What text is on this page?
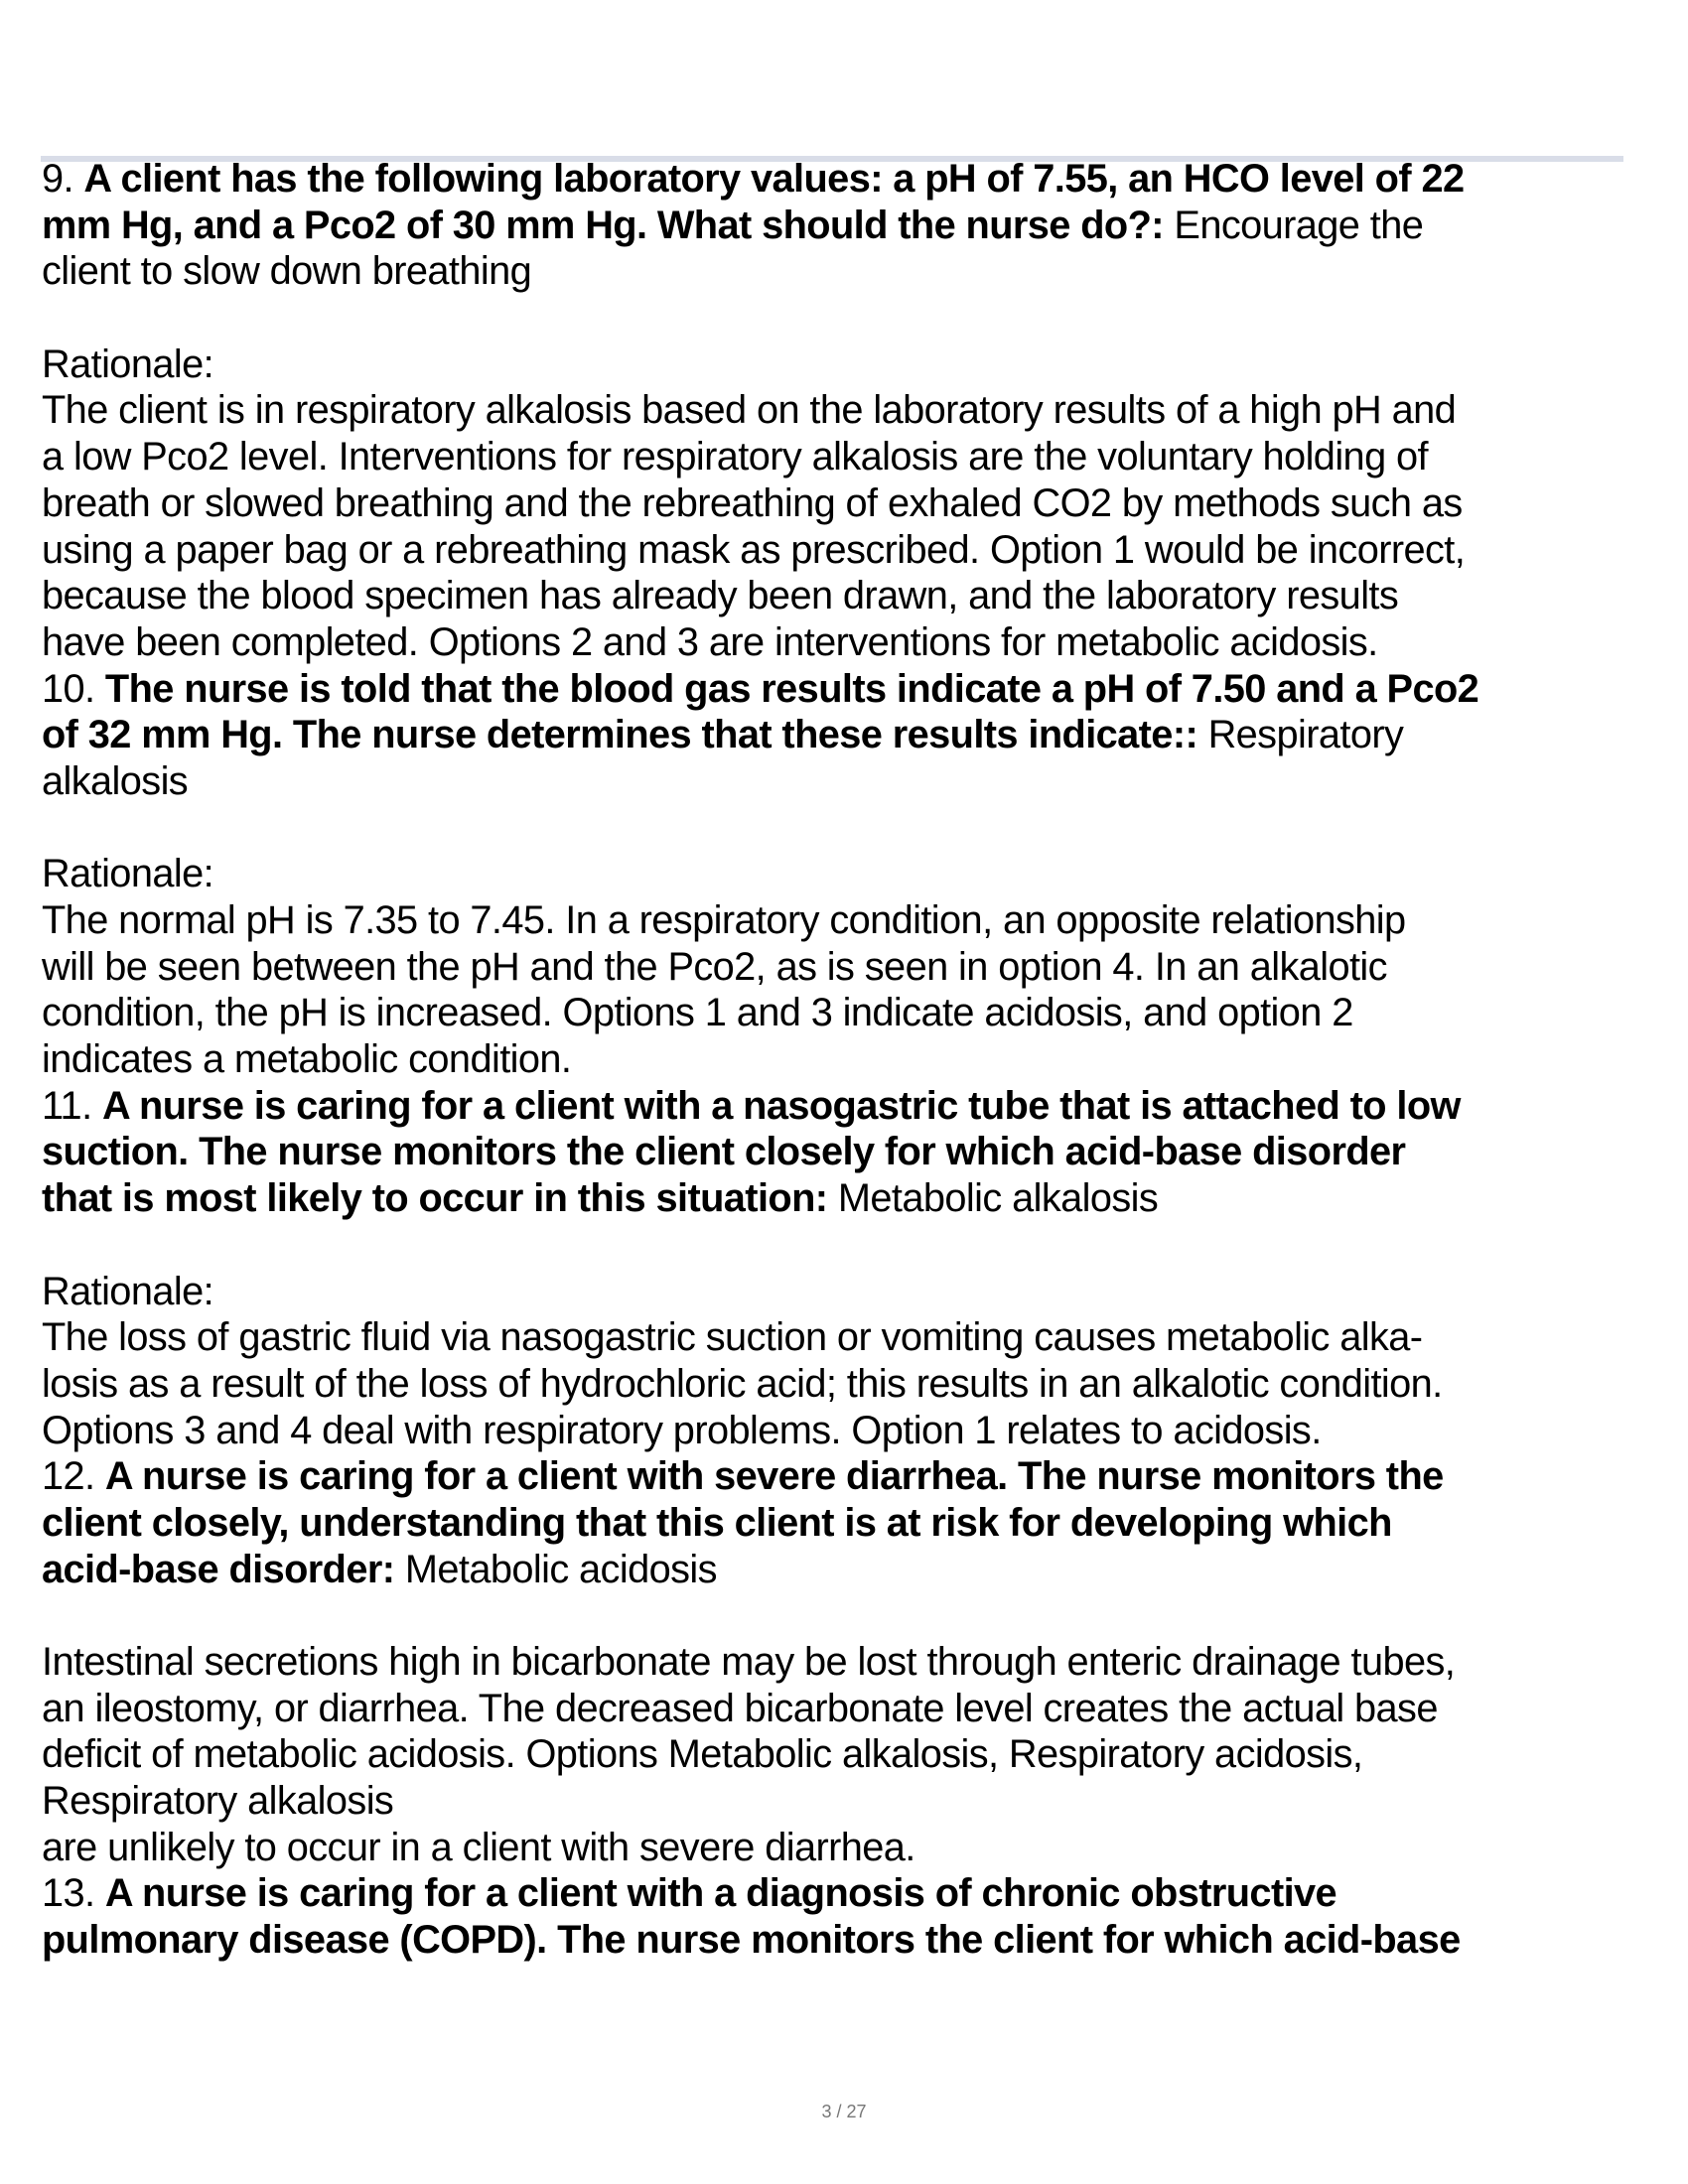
9. A client has the following laboratory values: a pH of 7.55, an HCO level of 22
mm Hg, and a Pco2 of 30 mm Hg. What should the nurse do?: Encourage the
client to slow down breathing
Rationale:
The client is in respiratory alkalosis based on the laboratory results of a high pH and
a low Pco2 level. Interventions for respiratory alkalosis are the voluntary holding of
breath or slowed breathing and the rebreathing of exhaled CO2 by methods such as
using a paper bag or a rebreathing mask as prescribed. Option 1 would be incorrect,
because the blood specimen has already been drawn, and the laboratory results
have been completed. Options 2 and 3 are interventions for metabolic acidosis.
10. The nurse is told that the blood gas results indicate a pH of 7.50 and a Pco2
of 32 mm Hg. The nurse determines that these results indicate:: Respiratory
alkalosis
Rationale:
The normal pH is 7.35 to 7.45. In a respiratory condition, an opposite relationship
will be seen between the pH and the Pco2, as is seen in option 4. In an alkalotic
condition, the pH is increased. Options 1 and 3 indicate acidosis, and option 2
indicates a metabolic condition.
11. A nurse is caring for a client with a nasogastric tube that is attached to low
suction. The nurse monitors the client closely for which acid-base disorder
that is most likely to occur in this situation: Metabolic alkalosis
Rationale:
The loss of gastric fluid via nasogastric suction or vomiting causes metabolic alka-
losis as a result of the loss of hydrochloric acid; this results in an alkalotic condition.
Options 3 and 4 deal with respiratory problems. Option 1 relates to acidosis.
12. A nurse is caring for a client with severe diarrhea. The nurse monitors the
client closely, understanding that this client is at risk for developing which
acid-base disorder: Metabolic acidosis
Intestinal secretions high in bicarbonate may be lost through enteric drainage tubes,
an ileostomy, or diarrhea. The decreased bicarbonate level creates the actual base
deficit of metabolic acidosis. Options Metabolic alkalosis, Respiratory acidosis,
Respiratory alkalosis
are unlikely to occur in a client with severe diarrhea.
13. A nurse is caring for a client with a diagnosis of chronic obstructive
pulmonary disease (COPD). The nurse monitors the client for which acid-base
3 / 27
